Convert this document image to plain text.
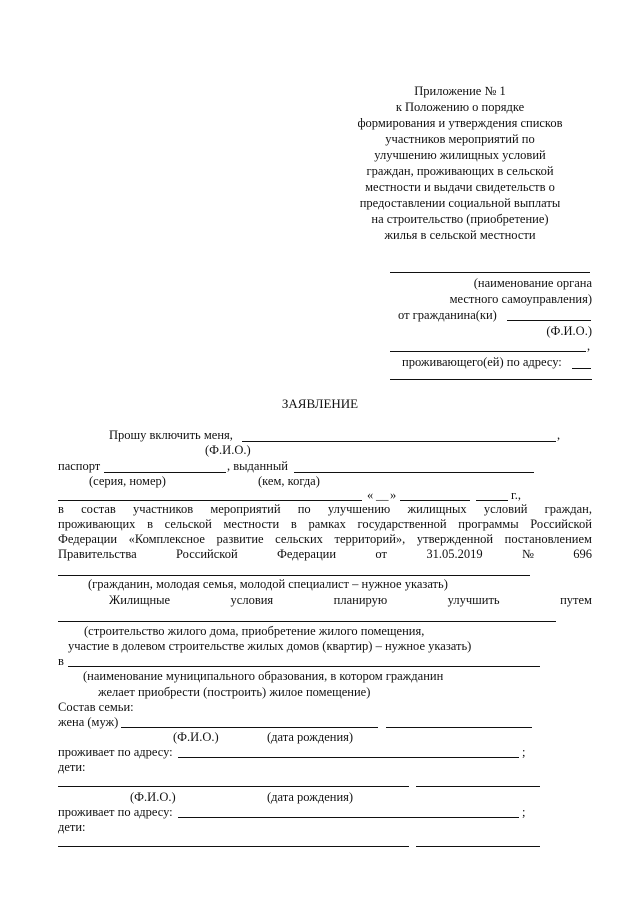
Приложение № 1
к Положению о порядке
формирования и утверждения списков
участников мероприятий по
улучшению жилищных условий
граждан, проживающих в сельской
местности и выдачи свидетельств о
предоставлении социальной выплаты
на строительство (приобретение)
жилья в сельской местности
(наименование органа
местного самоуправления)
от гражданина(ки)
(Ф.И.О.)
,
проживающего(ей) по адресу:
ЗАЯВЛЕНИЕ
Прошу включить меня,	,
(Ф.И.О.)
паспорт	, выданный
(серия, номер)	(кем, когда)
« __ »	г.,
в состав участников мероприятий по улучшению жилищных условий граждан,
проживающих в сельской местности в рамках государственной программы Российской
Федерации «Комплексное развитие сельских территорий», утвержденной постановлением
Правительства	Российской	Федерации	от	31.05.2019	№	696
(гражданин, молодая семья, молодой специалист – нужное указать)
Жилищные	условия	планирую	улучшить	путем
(строительство жилого дома, приобретение жилого помещения,
участие в долевом строительстве жилых домов (квартир) – нужное указать)
в
(наименование муниципального образования, в котором гражданин
желает приобрести (построить) жилое помещение)
Состав семьи:
жена (муж)
(Ф.И.О.)	(дата рождения)
проживает по адресу:	;
дети:
(Ф.И.О.)	(дата рождения)
проживает по адресу:	;
дети:
